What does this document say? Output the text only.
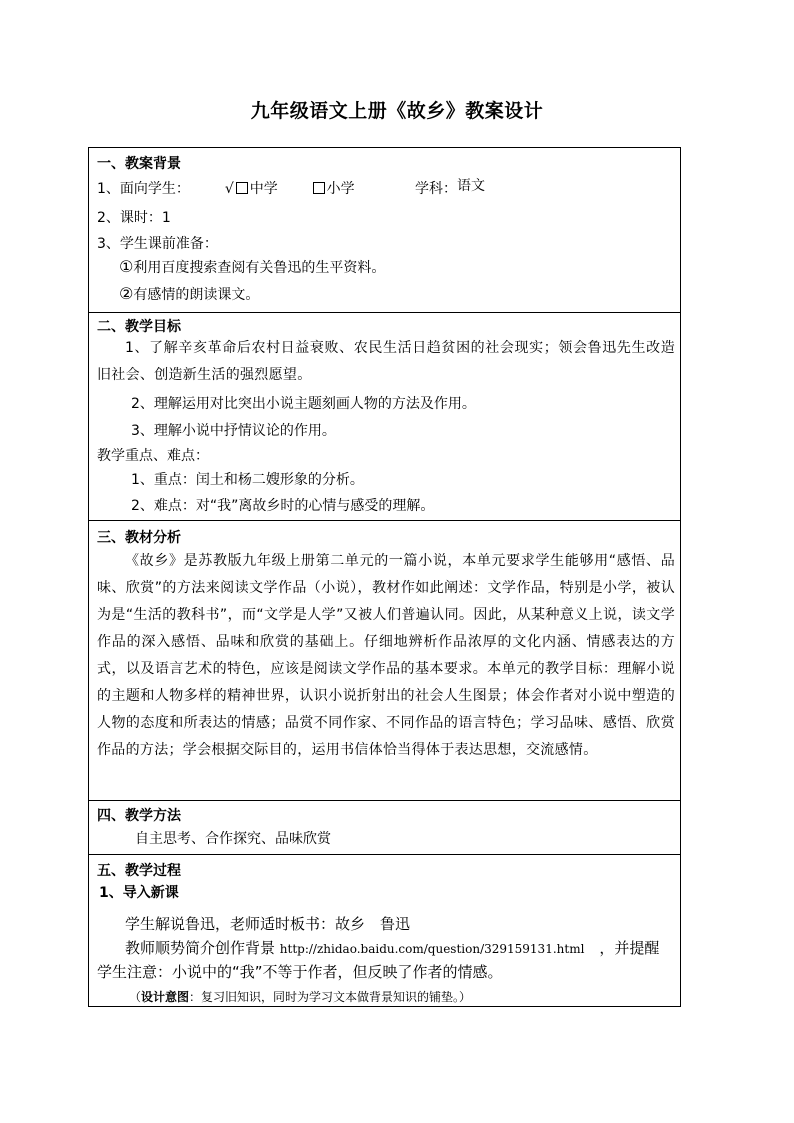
九年级语文上册《故乡》教案设计
一、教案背景
1、面向学生： √ 中学	小学	学科：语文
2、课时：1
3、学生课前准备：
①利用百度搜索查阅有关鲁迅的生平资料。
②有感情的朗读课文。
二、教学目标
1、了解辛亥革命后农村日益衰败、农民生活日趋贫困的社会现实；领会鲁迅先生改造旧社会、创造新生活的强烈愿望。
2、理解运用对比突出小说主题刻画人物的方法及作用。
3、理解小说中抒情议论的作用。
教学重点、难点：
1、重点：闰土和杨二嫂形象的分析。
2、难点：对“我”离故乡时的心情与感受的理解。
三、教材分析
《故乡》是苏教版九年级上册第二单元的一篇小说，本单元要求学生能够用“感悟、品味、欣赏”的方法来阅读文学作品（小说），教材作如此阐述：文学作品，特别是小学，被认为是“生活的教科书”，而“文学是人学”又被人们普遍认同。因此，从某种意义上说，读文学作品的深入感悟、品味和欣赏的基础上。仔细地辨析作品浓厚的文化内涵、情感表达的方式，以及语言艺术的特色，应该是阅读文学作品的基本要求。本单元的教学目标：理解小说的主题和人物多样的精神世界，认识小说折射出的社会人生图景；体会作者对小说中塑造的人物的态度和所表达的情感；品赏不同作家、不同作品的语言特色；学习品味、感悟、欣赏作品的方法；学会根据交际目的，运用书信体恰当得体于表达思想，交流感情。
四、教学方法
自主思考、合作探究、品味欣赏
五、教学过程
1、导入新课
学生解说鲁迅，老师适时板书：故乡　鲁迅
教师顺势简介创作背景 http://zhidao.baidu.com/question/329159131.html　，并提醒
学生注意：小说中的“我”不等于作者，但反映了作者的情感。
（设计意图：复习旧知识，同时为学习文本做背景知识的铺垫。）
